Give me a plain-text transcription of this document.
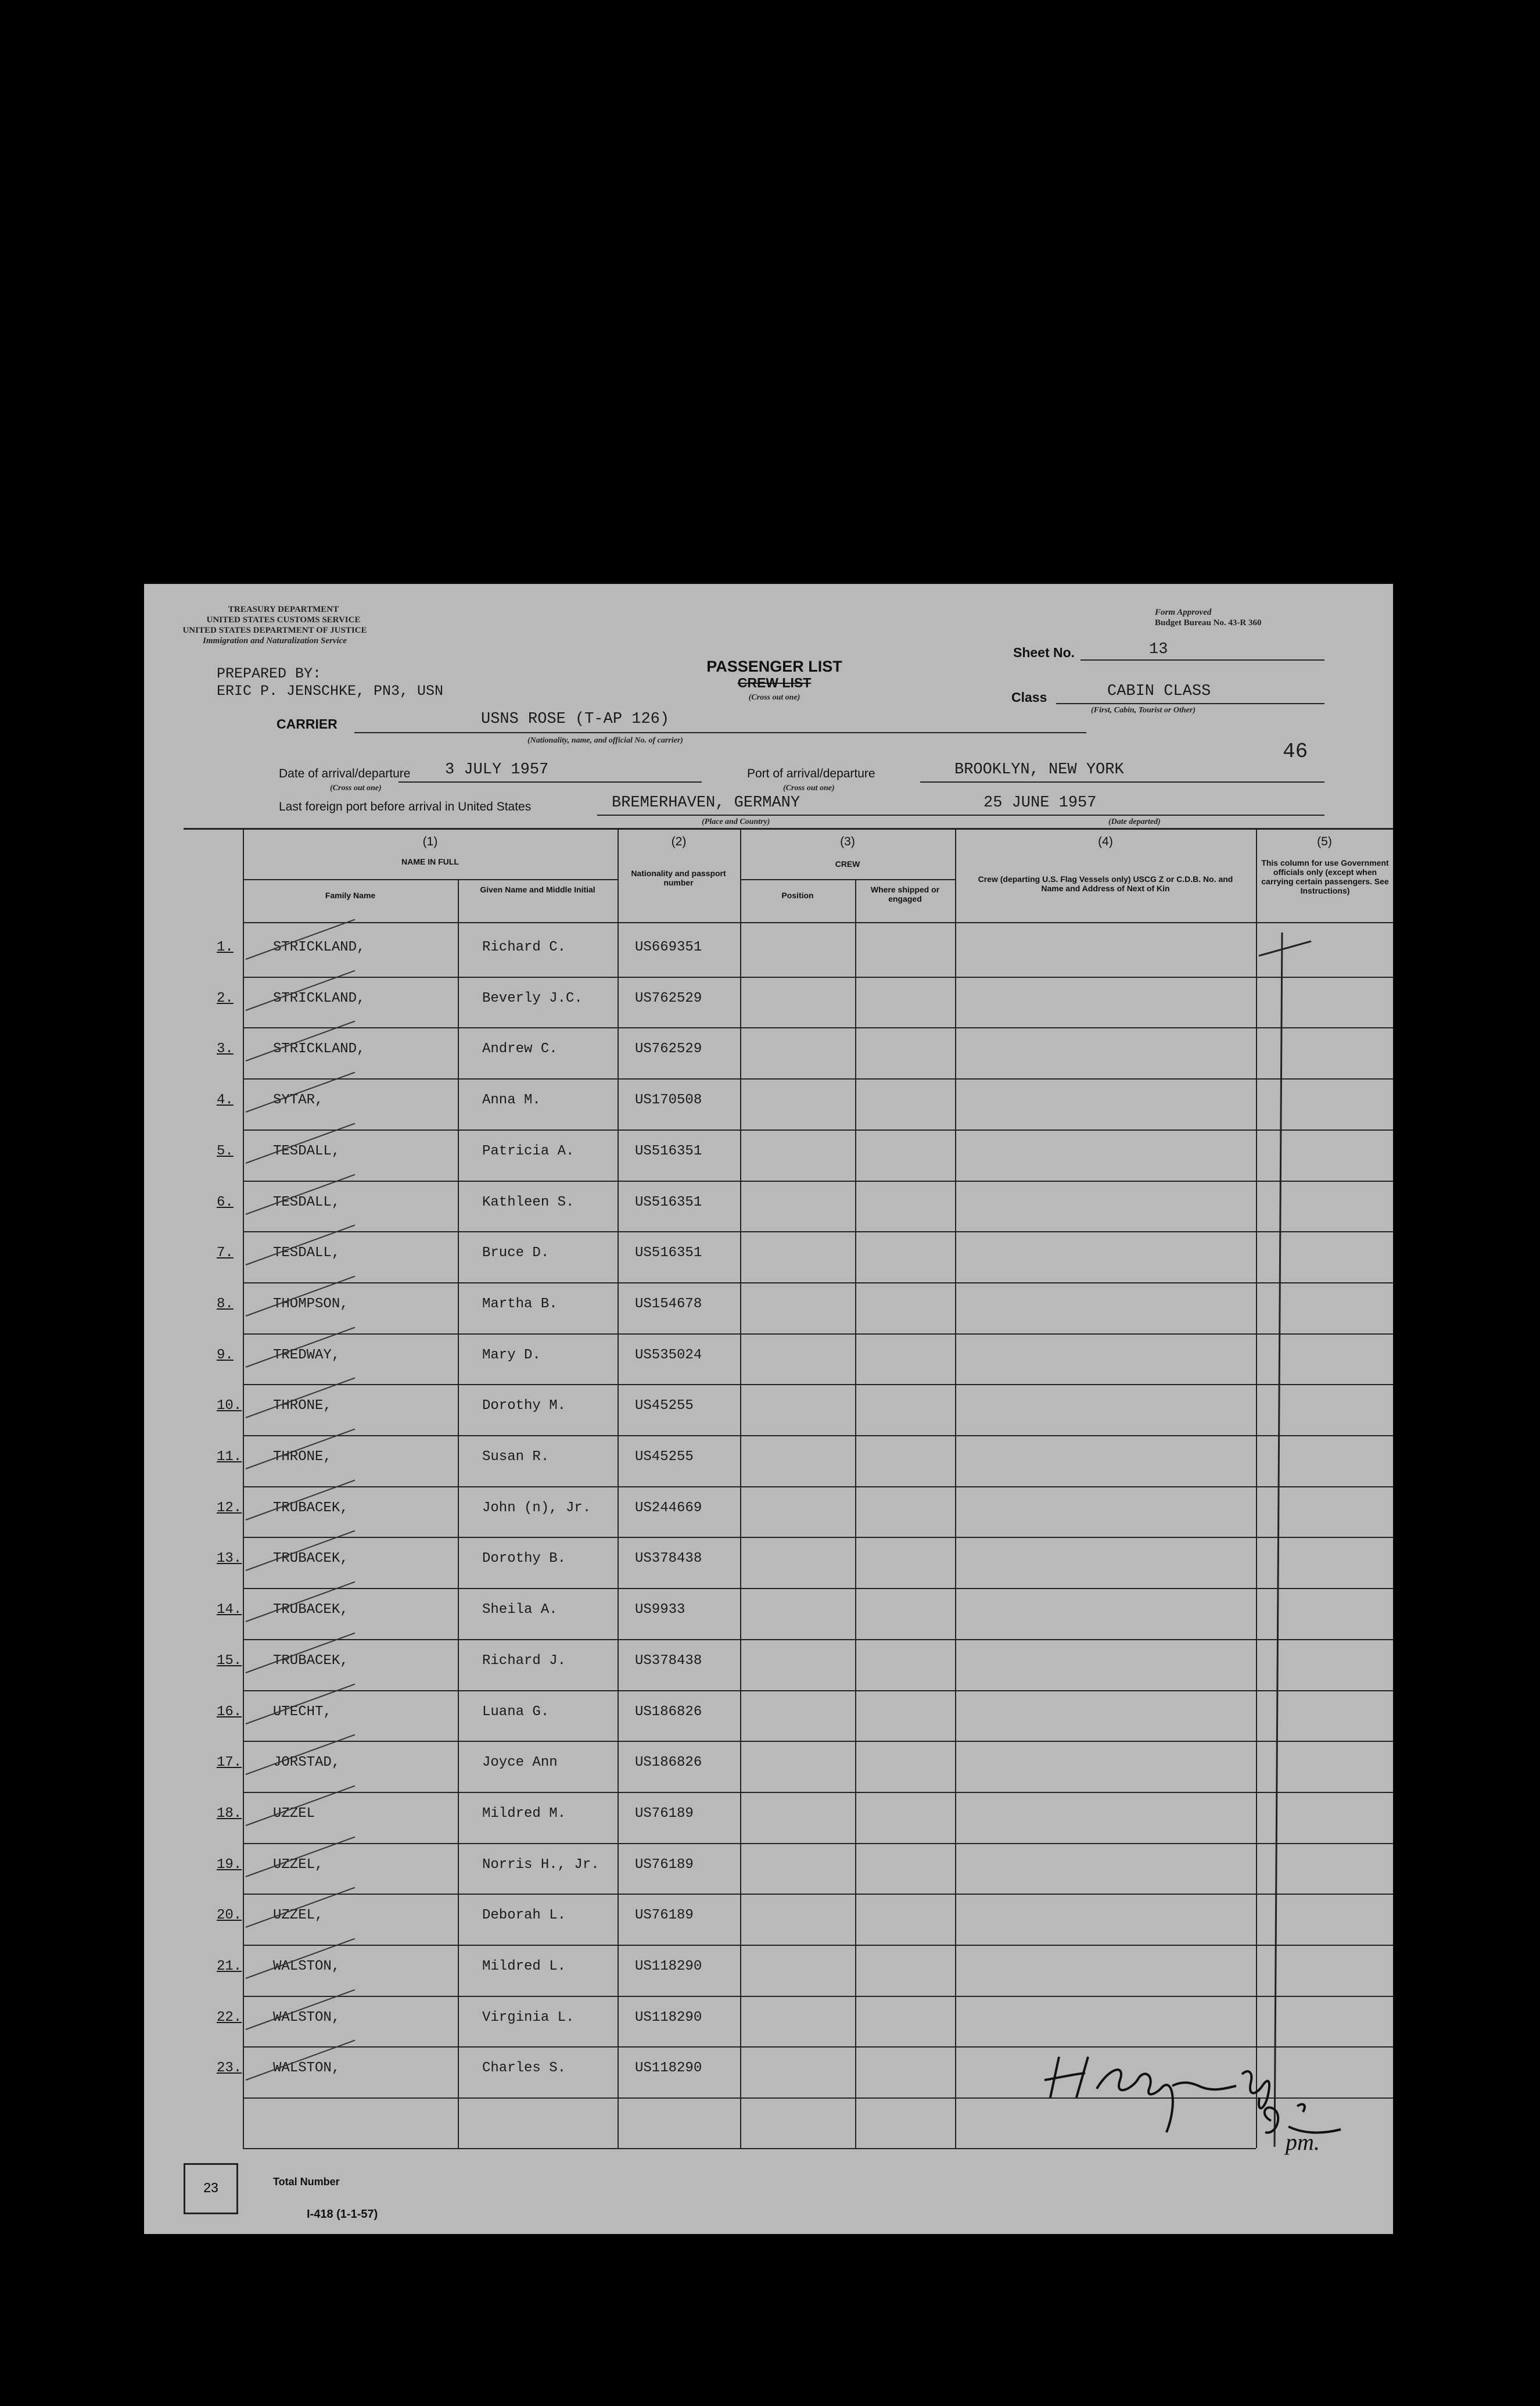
TREASURY DEPARTMENT
UNITED STATES CUSTOMS SERVICE
UNITED STATES DEPARTMENT OF JUSTICE
Immigration and Naturalization Service
Form Approved
Budget Bureau No. 43-R 360
PREPARED BY:
ERIC P. JENSCHKE, PN3, USN
PASSENGER LIST
CREW LIST
(Cross out one)
Sheet No.	13
Class	CABIN CLASS
(First, Cabin, Tourist or Other)
CARRIER	USNS ROSE (T-AP 126)
(Nationality, name, and official No. of carrier)	46
Date of arrival/departure 3 JULY 1957
(Cross out one)
Port of arrival/departure	BROOKLYN, NEW YORK
(Cross out one)
Last foreign port before arrival in United States	BREMERHAVEN, GERMANY
(Place and Country)
25 JUNE 1957
(Date departed)
(1)
NAME IN FULL
Family Name
Given Name and Middle Initial
(2)
Nationality and passport number
(3)
CREW
Position
Where shipped or engaged
(4)
Crew (departing U.S. Flag Vessels only) USCG Z or C.D.B. No. and Name and Address of Next of Kin
(5)
This column for use Government officials only (except when carrying certain passengers. See Instructions)
1.	STRICKLAND,	Richard C.	US669351
2.	STRICKLAND,	Beverly J.C.	US762529
3.	STRICKLAND,	Andrew C.	US762529
4.	SYTAR,	Anna M.	US170508
5.	TESDALL,	Patricia A.	US516351
6.	TESDALL,	Kathleen S.	US516351
7.	TESDALL,	Bruce D.	US516351
8.	THOMPSON,	Martha B.	US154678
9.	TREDWAY,	Mary D.	US535024
10. THRONE,	Dorothy M.	US45255
11. THRONE,	Susan R.	US45255
12. TRUBACEK,	John (n), Jr.	US244669
13. TRUBACEK,	Dorothy B.	US378438
14. TRUBACEK,	Sheila A.	US9933
15. TRUBACEK,	Richard J.	US378438
16. UTECHT,	Luana G.	US186826
17. JORSTAD,	Joyce Ann	US186826
18. UZZEL	Mildred M.	US76189
19. UZZEL,	Norris H., Jr.	US76189
20. UZZEL,	Deborah L.	US76189
21. WALSTON,	Mildred L.	US118290
22. WALSTON,	Virginia L.	US118290
23. WALSTON,	Charles S.	US118290
pm.
23	Total Number
I-418 (1-1-57)
